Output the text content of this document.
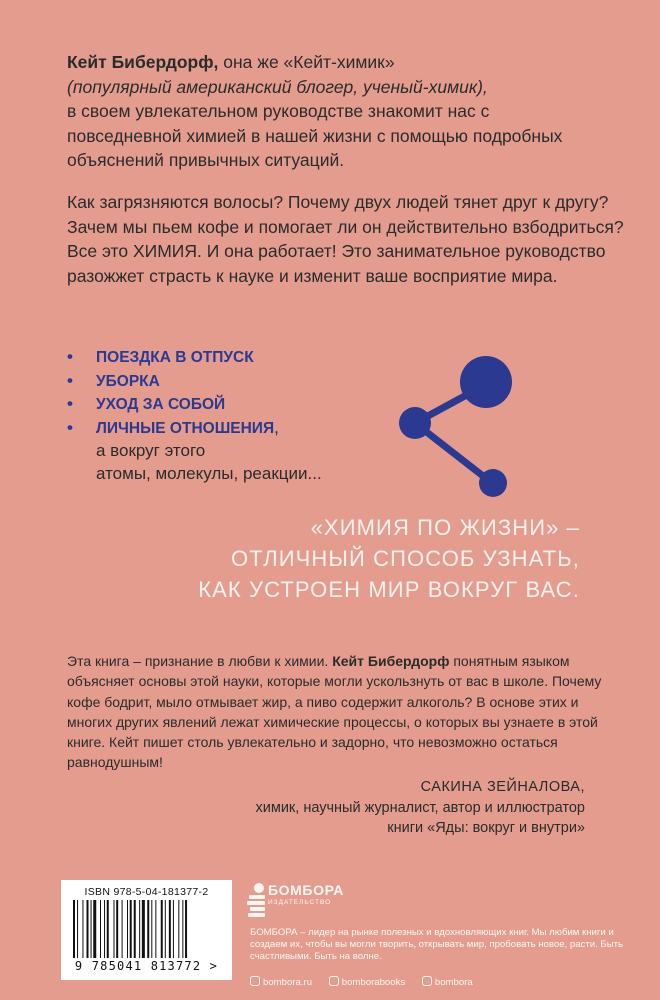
Кейт Бибердорф, она же «Кейт-химик»
(популярный американский блогер, ученый-химик),
в своем увлекательном руководстве знакомит нас с повседневной химией в нашей жизни с помощью подробных объяснений привычных ситуаций.
Как загрязняются волосы? Почему двух людей тянет друг к другу? Зачем мы пьем кофе и помогает ли он действительно взбодриться? Все это ХИМИЯ. И она работает! Это занимательное руководство разожжет страсть к науке и изменит ваше восприятие мира.
• ПОЕЗДКА В ОТПУСК
• УБОРКА
• УХОД ЗА СОБОЙ
• ЛИЧНЫЕ ОТНОШЕНИЯ,
а вокруг этого
атомы, молекулы, реакции...
«ХИМИЯ ПО ЖИЗНИ» –
ОТЛИЧНЫЙ СПОСОБ УЗНАТЬ,
КАК УСТРОЕН МИР ВОКРУГ ВАС.
Эта книга – признание в любви к химии. Кейт Бибердорф понятным языком объясняет основы этой науки, которые могли ускользнуть от вас в школе. Почему кофе бодрит, мыло отмывает жир, а пиво содержит алкоголь? В основе этих и многих других явлений лежат химические процессы, о которых вы узнаете в этой книге. Кейт пишет столь увлекательно и задорно, что невозможно остаться равнодушным!
САКИНА ЗЕЙНАЛОВА,
химик, научный журналист, автор и иллюстратор
книги «Яды: вокруг и внутри»
ISBN 978-5-04-181377-2
9 785041 813772 >
БОМБОРА
ИЗДАТЕЛЬСТВО
БОМБОРА – лидер на рынке полезных и вдохновляющих книг. Мы любим книги и создаем их, чтобы вы могли творить, открывать мир, пробовать новое, расти. Быть счастливыми. Быть на волне.
bombora.ru	bomborabooks	bombora
